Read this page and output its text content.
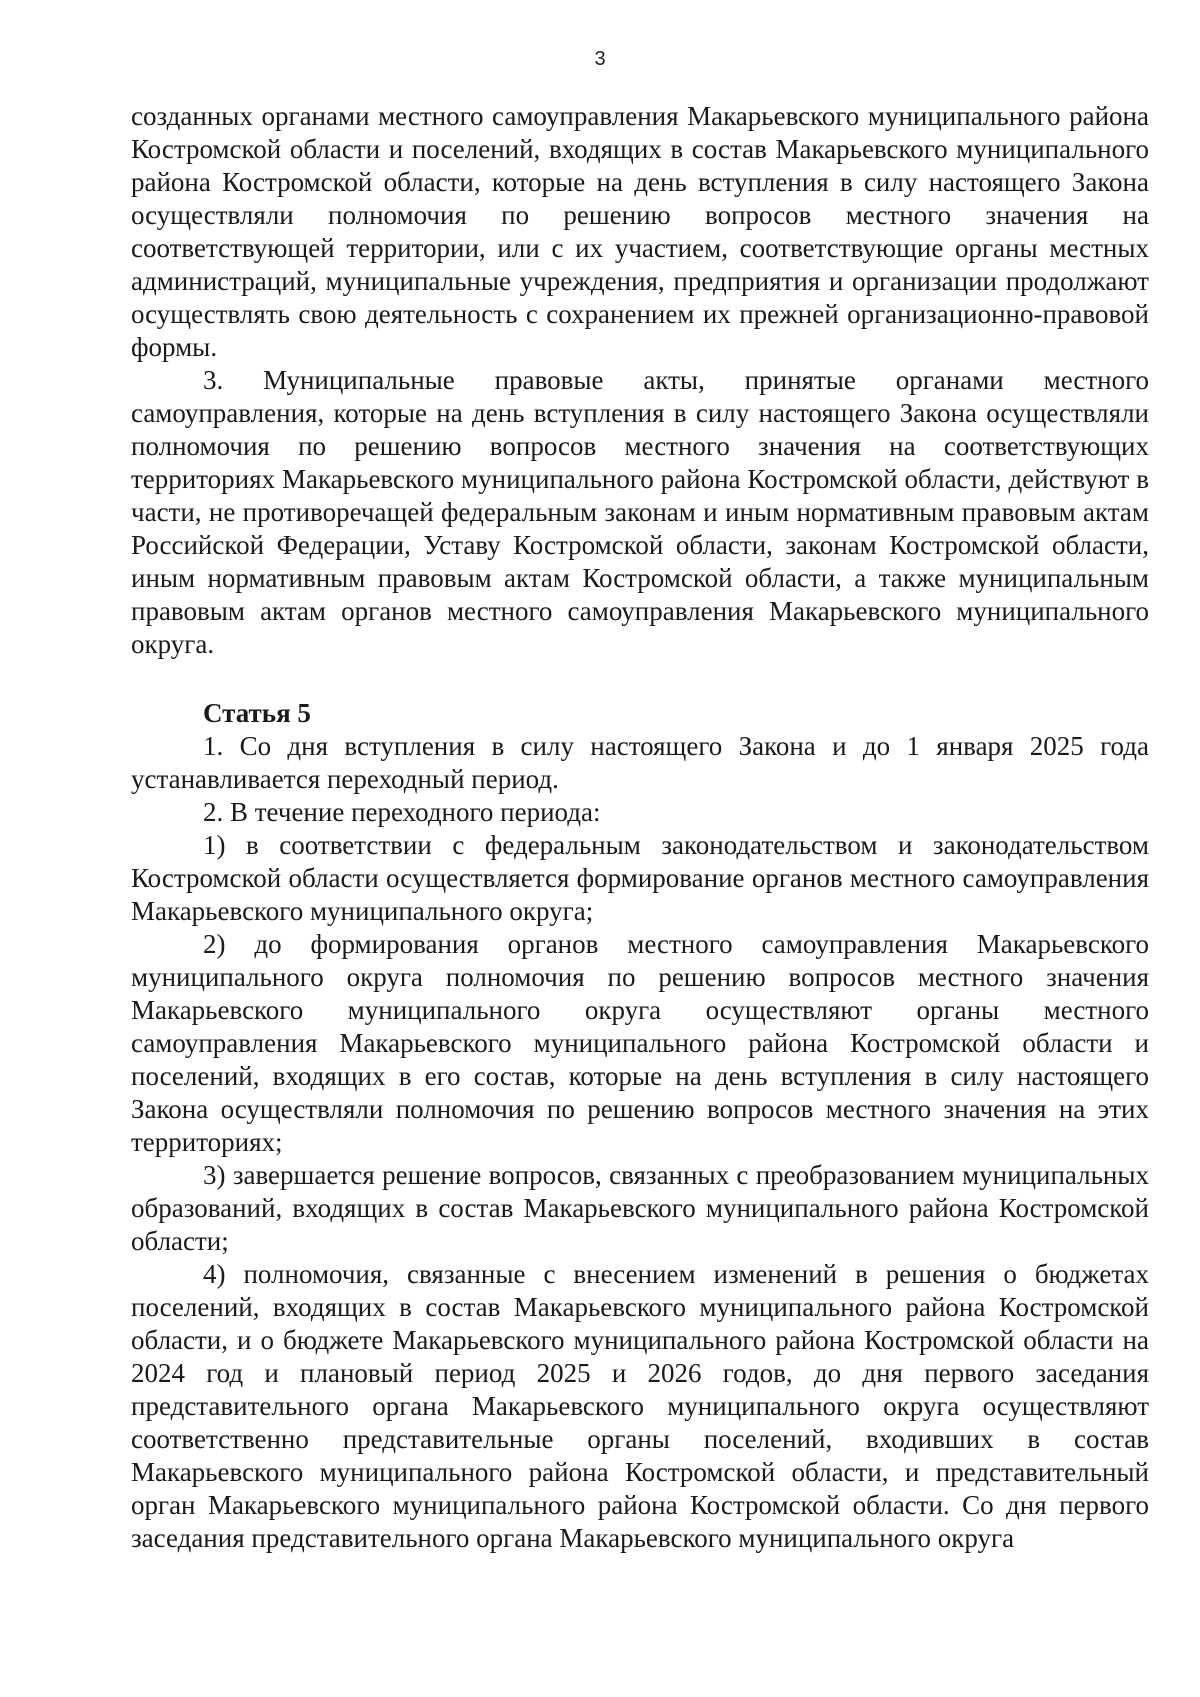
3

созданных органами местного самоуправления Макарьевского муниципального района Костромской области и поселений, входящих в состав Макарьевского муниципального района Костромской области, которые на день вступления в силу настоящего Закона осуществляли полномочия по решению вопросов местного значения на соответствующей территории, или с их участием, соответствующие органы местных администраций, муниципальные учреждения, предприятия и организации продолжают осуществлять свою деятельность с сохранением их прежней организационно-правовой формы.

3. Муниципальные правовые акты, принятые органами местного самоуправления, которые на день вступления в силу настоящего Закона осуществляли полномочия по решению вопросов местного значения на соответствующих территориях Макарьевского муниципального района Костромской области, действуют в части, не противоречащей федеральным законам и иным нормативным правовым актам Российской Федерации, Уставу Костромской области, законам Костромской области, иным нормативным правовым актам Костромской области, а также муниципальным правовым актам органов местного самоуправления Макарьевского муниципального округа.

Статья 5

1. Со дня вступления в силу настоящего Закона и до 1 января 2025 года устанавливается переходный период.

2. В течение переходного периода:

1) в соответствии с федеральным законодательством и законодательством Костромской области осуществляется формирование органов местного самоуправления Макарьевского муниципального округа;

2) до формирования органов местного самоуправления Макарьевского муниципального округа полномочия по решению вопросов местного значения Макарьевского муниципального округа осуществляют органы местного самоуправления Макарьевского муниципального района Костромской области и поселений, входящих в его состав, которые на день вступления в силу настоящего Закона осуществляли полномочия по решению вопросов местного значения на этих территориях;

3) завершается решение вопросов, связанных с преобразованием муниципальных образований, входящих в состав Макарьевского муниципального района Костромской области;

4) полномочия, связанные с внесением изменений в решения о бюджетах поселений, входящих в состав Макарьевского муниципального района Костромской области, и о бюджете Макарьевского муниципального района Костромской области на 2024 год и плановый период 2025 и 2026 годов, до дня первого заседания представительного органа Макарьевского муниципального округа осуществляют соответственно представительные органы поселений, входивших в состав Макарьевского муниципального района Костромской области, и представительный орган Макарьевского муниципального района Костромской области. Со дня первого заседания представительного органа Макарьевского муниципального округа
